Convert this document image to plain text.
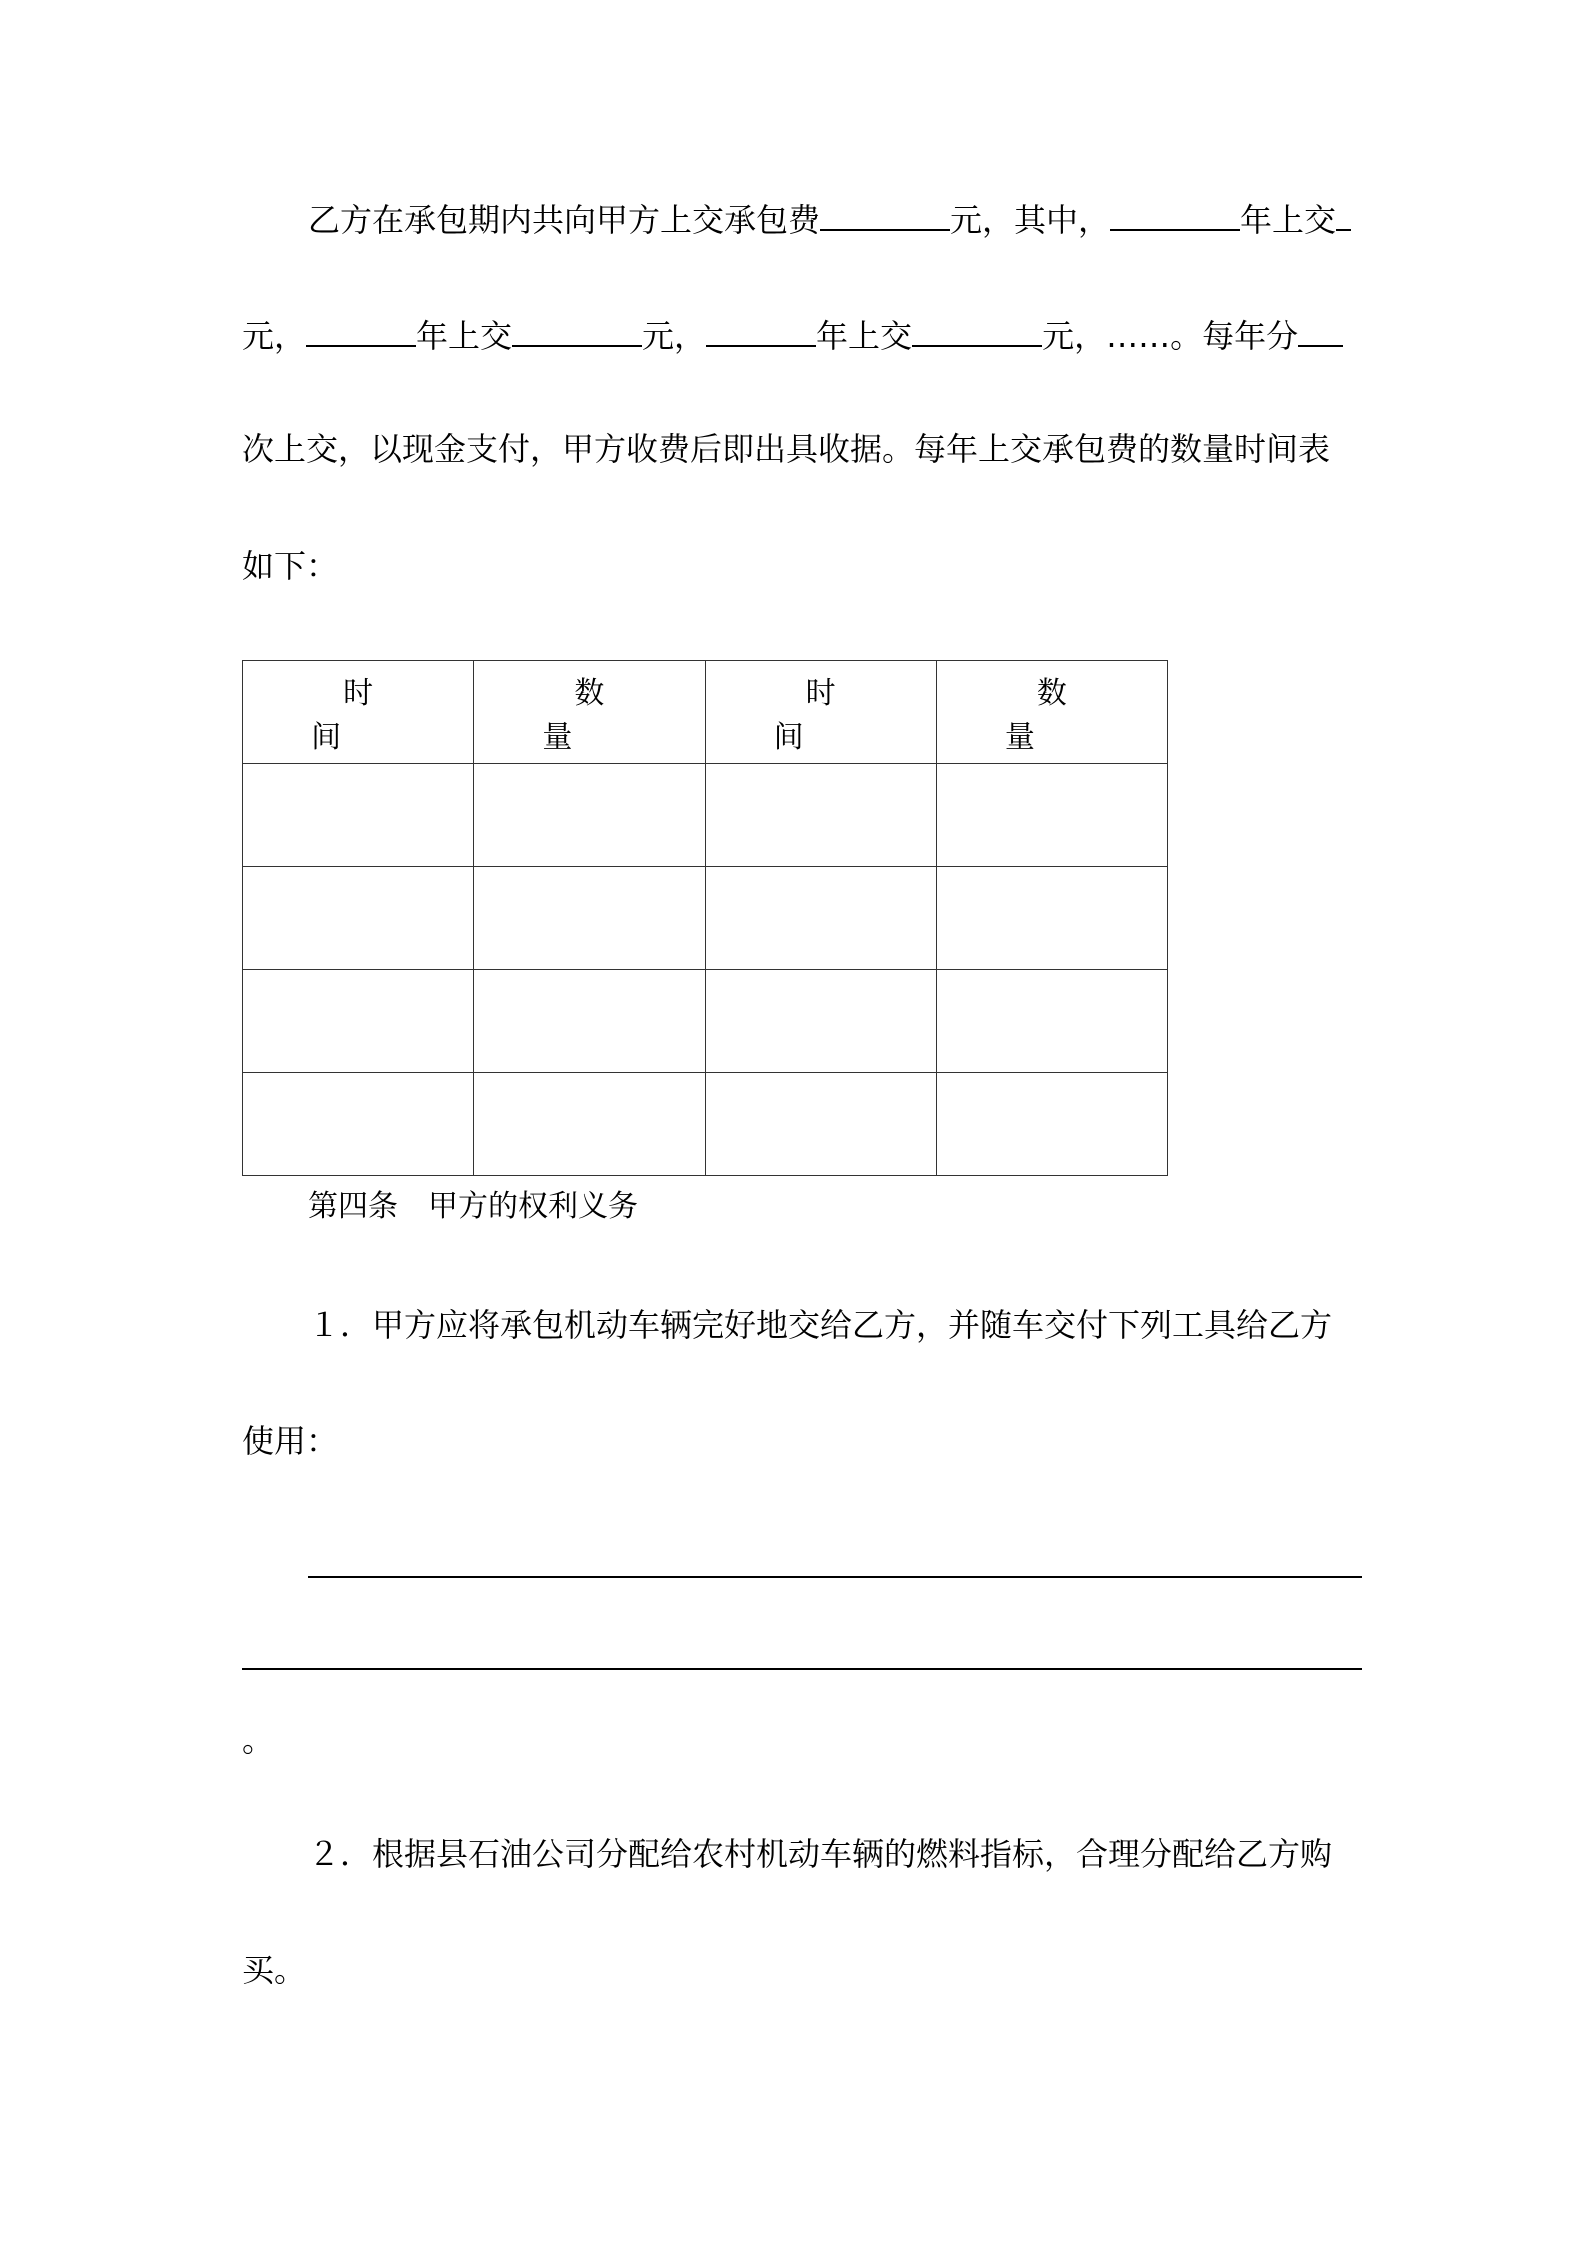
乙方在承包期内共向甲方上交承包费	元，其中，	年上交
元，	年上交	元，	年上交	元，……。每年分
次上交，以现金支付，甲方收费后即出具收据。每年上交承包费的数量时间表
如下：
时间	数量	时间	数量

第四条　甲方的权利义务
１．甲方应将承包机动车辆完好地交给乙方，并随车交付下列工具给乙方
使用：
。
２．根据县石油公司分配给农村机动车辆的燃料指标，合理分配给乙方购
买。
